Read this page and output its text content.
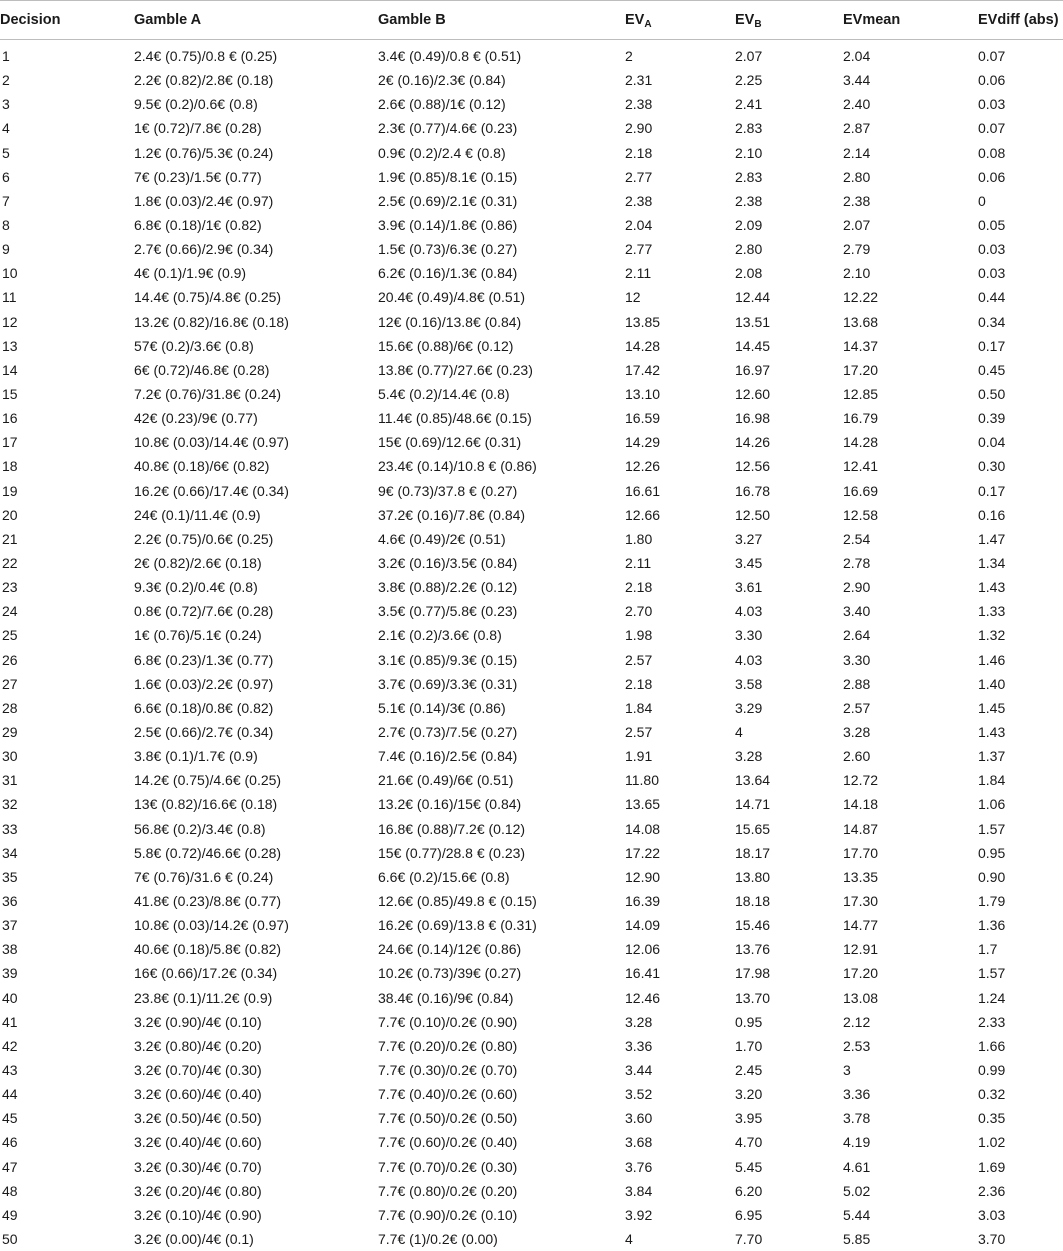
Decision	Gamble A	Gamble B	$EV_A$	$EV_B$	EVmean	EVdiff (abs)
1	2.4€ (0.75)/0.8 € (0.25)	3.4€ (0.49)/0.8 € (0.51)	2	2.07	2.04	0.07
2	2.2€ (0.82)/2.8€ (0.18)	2€ (0.16)/2.3€ (0.84)	2.31	2.25	3.44	0.06
3	9.5€ (0.2)/0.6€ (0.8)	2.6€ (0.88)/1€ (0.12)	2.38	2.41	2.40	0.03
4	1€ (0.72)/7.8€ (0.28)	2.3€ (0.77)/4.6€ (0.23)	2.90	2.83	2.87	0.07
5	1.2€ (0.76)/5.3€ (0.24)	0.9€ (0.2)/2.4 € (0.8)	2.18	2.10	2.14	0.08
6	7€ (0.23)/1.5€ (0.77)	1.9€ (0.85)/8.1€ (0.15)	2.77	2.83	2.80	0.06
7	1.8€ (0.03)/2.4€ (0.97)	2.5€ (0.69)/2.1€ (0.31)	2.38	2.38	2.38	0
8	6.8€ (0.18)/1€ (0.82)	3.9€ (0.14)/1.8€ (0.86)	2.04	2.09	2.07	0.05
9	2.7€ (0.66)/2.9€ (0.34)	1.5€ (0.73)/6.3€ (0.27)	2.77	2.80	2.79	0.03
10	4€ (0.1)/1.9€ (0.9)	6.2€ (0.16)/1.3€ (0.84)	2.11	2.08	2.10	0.03
11	14.4€ (0.75)/4.8€ (0.25)	20.4€ (0.49)/4.8€ (0.51)	12	12.44	12.22	0.44
12	13.2€ (0.82)/16.8€ (0.18)	12€ (0.16)/13.8€ (0.84)	13.85	13.51	13.68	0.34
13	57€ (0.2)/3.6€ (0.8)	15.6€ (0.88)/6€ (0.12)	14.28	14.45	14.37	0.17
14	6€ (0.72)/46.8€ (0.28)	13.8€ (0.77)/27.6€ (0.23)	17.42	16.97	17.20	0.45
15	7.2€ (0.76)/31.8€ (0.24)	5.4€ (0.2)/14.4€ (0.8)	13.10	12.60	12.85	0.50
16	42€ (0.23)/9€ (0.77)	11.4€ (0.85)/48.6€ (0.15)	16.59	16.98	16.79	0.39
17	10.8€ (0.03)/14.4€ (0.97)	15€ (0.69)/12.6€ (0.31)	14.29	14.26	14.28	0.04
18	40.8€ (0.18)/6€ (0.82)	23.4€ (0.14)/10.8 € (0.86)	12.26	12.56	12.41	0.30
19	16.2€ (0.66)/17.4€ (0.34)	9€ (0.73)/37.8 € (0.27)	16.61	16.78	16.69	0.17
20	24€ (0.1)/11.4€ (0.9)	37.2€ (0.16)/7.8€ (0.84)	12.66	12.50	12.58	0.16
21	2.2€ (0.75)/0.6€ (0.25)	4.6€ (0.49)/2€ (0.51)	1.80	3.27	2.54	1.47
22	2€ (0.82)/2.6€ (0.18)	3.2€ (0.16)/3.5€ (0.84)	2.11	3.45	2.78	1.34
23	9.3€ (0.2)/0.4€ (0.8)	3.8€ (0.88)/2.2€ (0.12)	2.18	3.61	2.90	1.43
24	0.8€ (0.72)/7.6€ (0.28)	3.5€ (0.77)/5.8€ (0.23)	2.70	4.03	3.40	1.33
25	1€ (0.76)/5.1€ (0.24)	2.1€ (0.2)/3.6€ (0.8)	1.98	3.30	2.64	1.32
26	6.8€ (0.23)/1.3€ (0.77)	3.1€ (0.85)/9.3€ (0.15)	2.57	4.03	3.30	1.46
27	1.6€ (0.03)/2.2€ (0.97)	3.7€ (0.69)/3.3€ (0.31)	2.18	3.58	2.88	1.40
28	6.6€ (0.18)/0.8€ (0.82)	5.1€ (0.14)/3€ (0.86)	1.84	3.29	2.57	1.45
29	2.5€ (0.66)/2.7€ (0.34)	2.7€ (0.73)/7.5€ (0.27)	2.57	4	3.28	1.43
30	3.8€ (0.1)/1.7€ (0.9)	7.4€ (0.16)/2.5€ (0.84)	1.91	3.28	2.60	1.37
31	14.2€ (0.75)/4.6€ (0.25)	21.6€ (0.49)/6€ (0.51)	11.80	13.64	12.72	1.84
32	13€ (0.82)/16.6€ (0.18)	13.2€ (0.16)/15€ (0.84)	13.65	14.71	14.18	1.06
33	56.8€ (0.2)/3.4€ (0.8)	16.8€ (0.88)/7.2€ (0.12)	14.08	15.65	14.87	1.57
34	5.8€ (0.72)/46.6€ (0.28)	15€ (0.77)/28.8 € (0.23)	17.22	18.17	17.70	0.95
35	7€ (0.76)/31.6 € (0.24)	6.6€ (0.2)/15.6€ (0.8)	12.90	13.80	13.35	0.90
36	41.8€ (0.23)/8.8€ (0.77)	12.6€ (0.85)/49.8 € (0.15)	16.39	18.18	17.30	1.79
37	10.8€ (0.03)/14.2€ (0.97)	16.2€ (0.69)/13.8 € (0.31)	14.09	15.46	14.77	1.36
38	40.6€ (0.18)/5.8€ (0.82)	24.6€ (0.14)/12€ (0.86)	12.06	13.76	12.91	1.7
39	16€ (0.66)/17.2€ (0.34)	10.2€ (0.73)/39€ (0.27)	16.41	17.98	17.20	1.57
40	23.8€ (0.1)/11.2€ (0.9)	38.4€ (0.16)/9€ (0.84)	12.46	13.70	13.08	1.24
41	3.2€ (0.90)/4€ (0.10)	7.7€ (0.10)/0.2€ (0.90)	3.28	0.95	2.12	2.33
42	3.2€ (0.80)/4€ (0.20)	7.7€ (0.20)/0.2€ (0.80)	3.36	1.70	2.53	1.66
43	3.2€ (0.70)/4€ (0.30)	7.7€ (0.30)/0.2€ (0.70)	3.44	2.45	3	0.99
44	3.2€ (0.60)/4€ (0.40)	7.7€ (0.40)/0.2€ (0.60)	3.52	3.20	3.36	0.32
45	3.2€ (0.50)/4€ (0.50)	7.7€ (0.50)/0.2€ (0.50)	3.60	3.95	3.78	0.35
46	3.2€ (0.40)/4€ (0.60)	7.7€ (0.60)/0.2€ (0.40)	3.68	4.70	4.19	1.02
47	3.2€ (0.30)/4€ (0.70)	7.7€ (0.70)/0.2€ (0.30)	3.76	5.45	4.61	1.69
48	3.2€ (0.20)/4€ (0.80)	7.7€ (0.80)/0.2€ (0.20)	3.84	6.20	5.02	2.36
49	3.2€ (0.10)/4€ (0.90)	7.7€ (0.90)/0.2€ (0.10)	3.92	6.95	5.44	3.03
50	3.2€ (0.00)/4€ (0.1)	7.7€ (1)/0.2€ (0.00)	4	7.70	5.85	3.70
